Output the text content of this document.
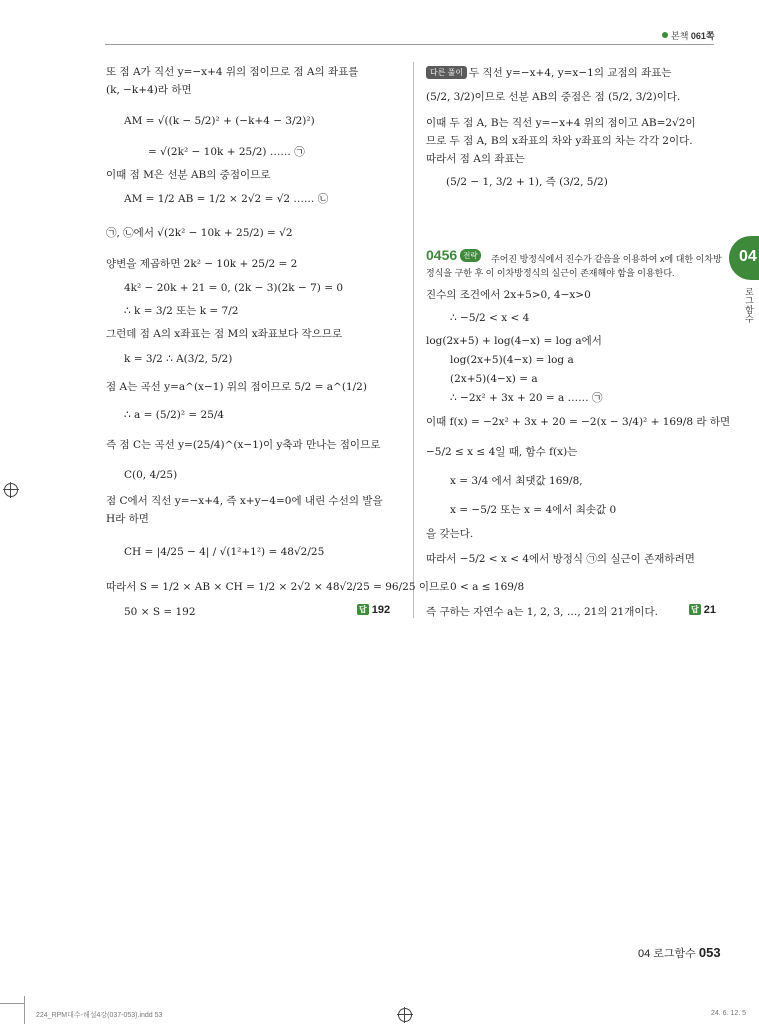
본책 061쪽
또 점 A가 직선 y=−x+4 위의 점이므로 점 A의 좌표를
(k, −k+4)라 하면
AM = √((k − 5/2)² + (−k+4 − 3/2)²)
= √(2k² − 10k + 25/2) …… ㉠
이때 점 M은 선분 AB의 중점이므로
AM = 1/2 AB = 1/2 × 2√2 = √2 …… ㉡
㉠, ㉡에서 √(2k² − 10k + 25/2) = √2
양변을 제곱하면 2k² − 10k + 25/2 = 2
4k² − 20k + 21 = 0, (2k − 3)(2k − 7) = 0
∴ k = 3/2 또는 k = 7/2
그런데 점 A의 x좌표는 점 M의 x좌표보다 작으므로
k = 3/2 ∴ A(3/2, 5/2)
점 A는 곡선 y=a^(x−1) 위의 점이므로 5/2 = a^(1/2)
∴ a = (5/2)² = 25/4
즉 점 C는 곡선 y=(25/4)^(x−1)이 y축과 만나는 점이므로
C(0, 4/25)
점 C에서 직선 y=−x+4, 즉 x+y−4=0에 내린 수선의 발을
H라 하면
CH = |4/25 − 4| / √(1²+1²) = 48√2/25
따라서 S = 1/2 × AB × CH = 1/2 × 2√2 × 48√2/25 = 96/25 이므로
50 × S = 192	답 192
다른 풀이 두 직선 y=−x+4, y=x−1의 교점의 좌표는
(5/2, 3/2)이므로 선분 AB의 중점은 점 (5/2, 3/2)이다.
이때 두 점 A, B는 직선 y=−x+4 위의 점이고 AB=2√2이
므로 두 점 A, B의 x좌표의 차와 y좌표의 차는 각각 2이다.
따라서 점 A의 좌표는
(5/2 − 1, 3/2 + 1), 즉 (3/2, 5/2)
0456 전략	주어진 방정식에서 진수가 같음을 이용하여 x에 대한 이차방
정식을 구한 후 이 이차방정식의 실근이 존재해야 함을 이용한다.
진수의 조건에서 2x+5>0, 4−x>0
∴ −5/2 < x < 4
log(2x+5) + log(4−x) = log a에서
log(2x+5)(4−x) = log a
(2x+5)(4−x) = a
∴ −2x² + 3x + 20 = a …… ㉠
이때 f(x) = −2x² + 3x + 20 = −2(x − 3/4)² + 169/8 라 하면
−5/2 ≤ x ≤ 4일 때, 함수 f(x)는
x = 3/4 에서 최댓값 169/8,
x = −5/2 또는 x = 4에서 최솟값 0
을 갖는다.
따라서 −5/2 < x < 4에서 방정식 ㉠의 실근이 존재하려면
0 < a ≤ 169/8
즉 구하는 자연수 a는 1, 2, 3, …, 21의 21개이다.	답 21
04
로그함수
04 로그함수 053
224_RPM대수-해설4강(037-053).indd 53	24. 6. 12. 5
